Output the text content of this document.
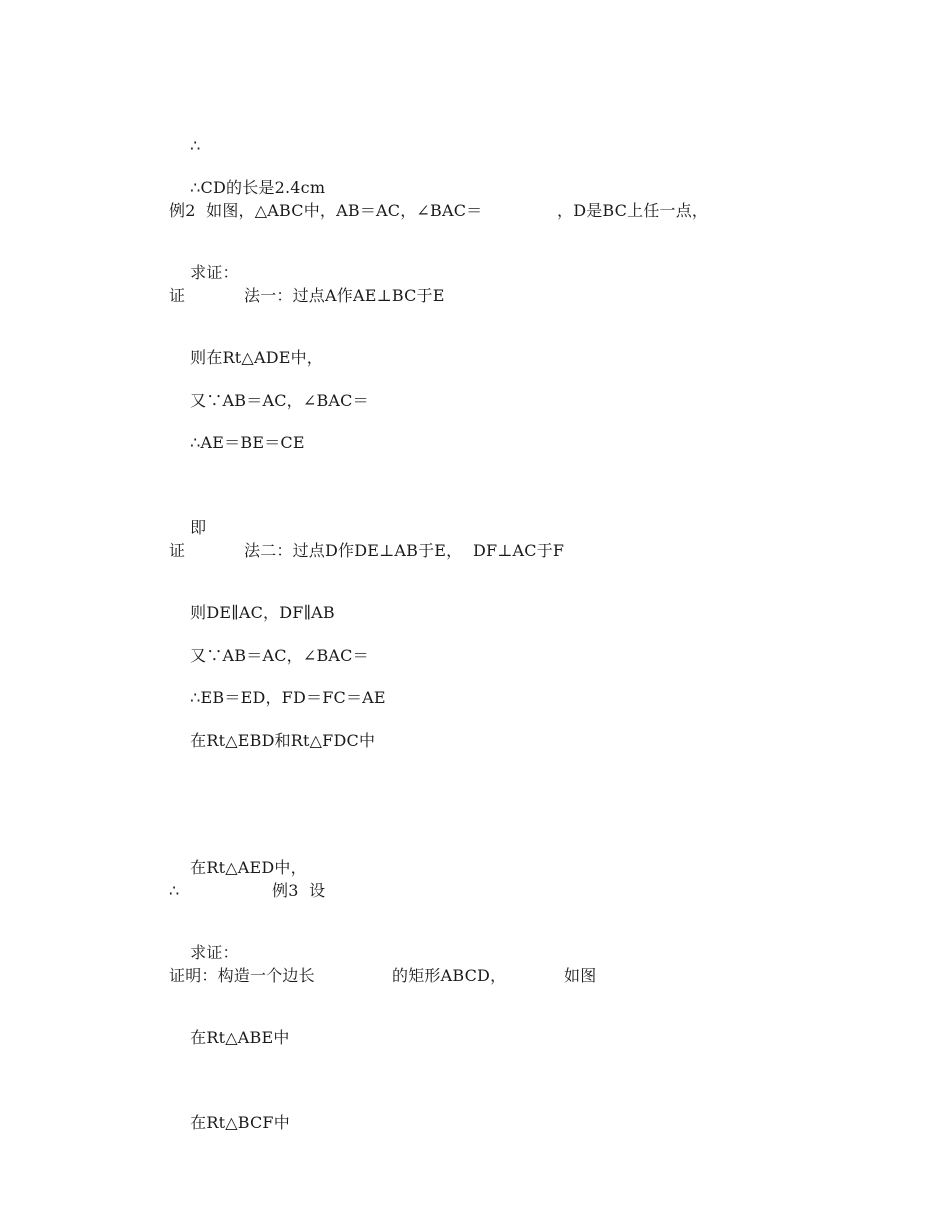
∴

∴CD的长是2.4cm

例2  如图，△ABC中，AB＝AC，∠BAC＝

	，D是BC上任一点，

求证：

证

	法一：过点A作AE⊥BC于E

则在Rt△ADE中，

又∵AB＝AC，∠BAC＝

∴AE＝BE＝CE

即

证

	法二：过点D作DE⊥AB于E，  DF⊥AC于F

则DE∥AC，DF∥AB

又∵AB＝AC，∠BAC＝

∴EB＝ED，FD＝FC＝AE

在Rt△EBD和Rt△FDC中

在Rt△AED中，

∴

	例3  设

求证：

证明：构造一个边长

	的矩形ABCD，

	如图

在Rt△ABE中

在Rt△BCF中
